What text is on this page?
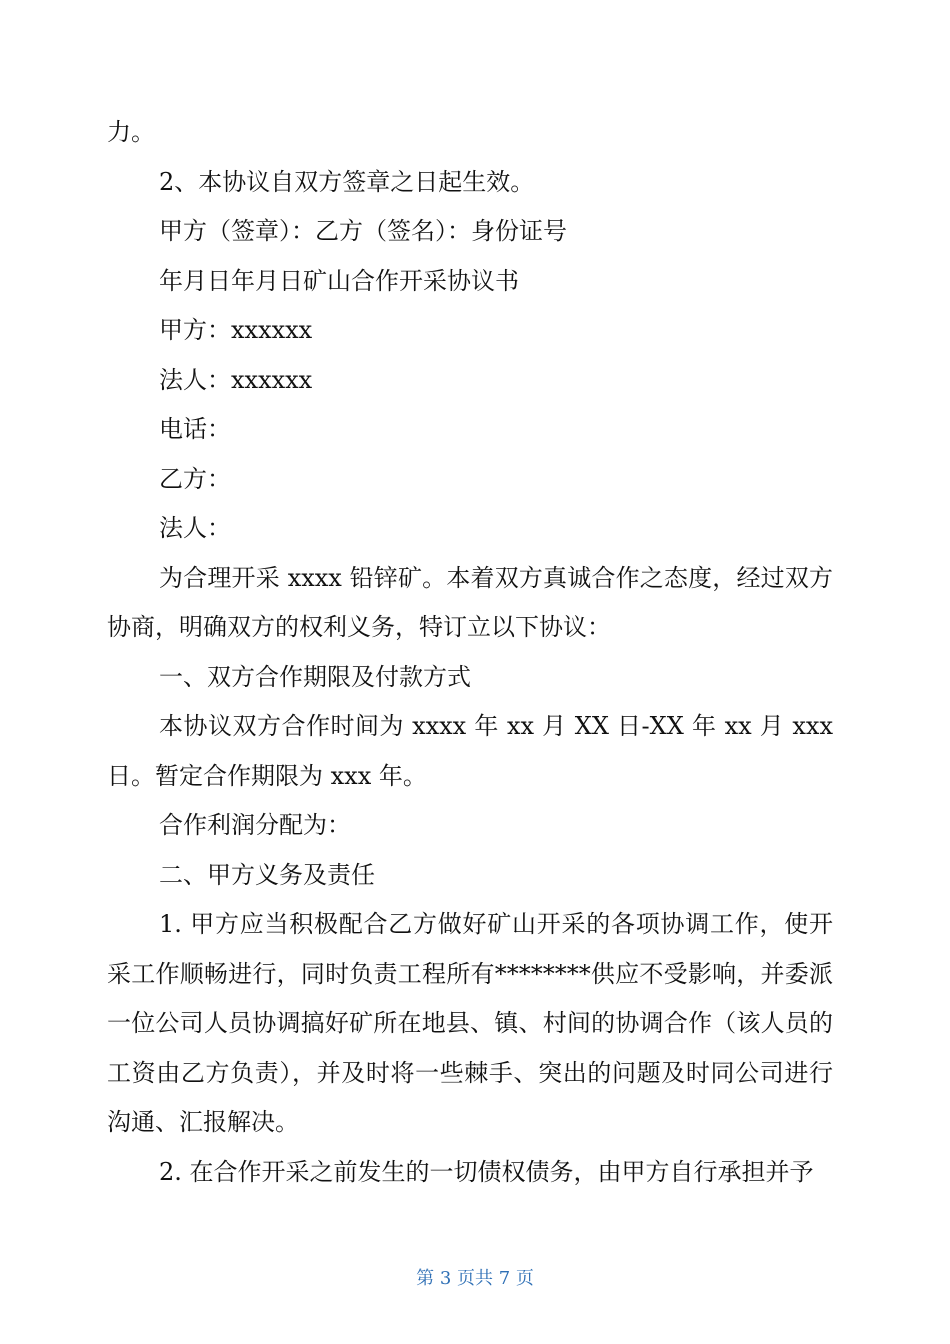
力。

2、本协议自双方签章之日起生效。

甲方（签章）：乙方（签名）：身份证号

年月日年月日矿山合作开采协议书

甲方：xxxxxx

法人：xxxxxx

电话：

乙方：

法人：

为合理开采 xxxx 铅锌矿。本着双方真诚合作之态度，经过双方协商，明确双方的权利义务，特订立以下协议：

一、双方合作期限及付款方式

本协议双方合作时间为 xxxx 年 xx 月 XX 日-XX 年 xx 月 xxx 日。暂定合作期限为 xxx 年。

合作利润分配为：

二、甲方义务及责任

1. 甲方应当积极配合乙方做好矿山开采的各项协调工作，使开采工作顺畅进行，同时负责工程所有********供应不受影响，并委派一位公司人员协调搞好矿所在地县、镇、村间的协调合作（该人员的工资由乙方负责），并及时将一些棘手、突出的问题及时同公司进行沟通、汇报解决。

2. 在合作开采之前发生的一切债权债务，由甲方自行承担并予

第 3 页共 7 页
